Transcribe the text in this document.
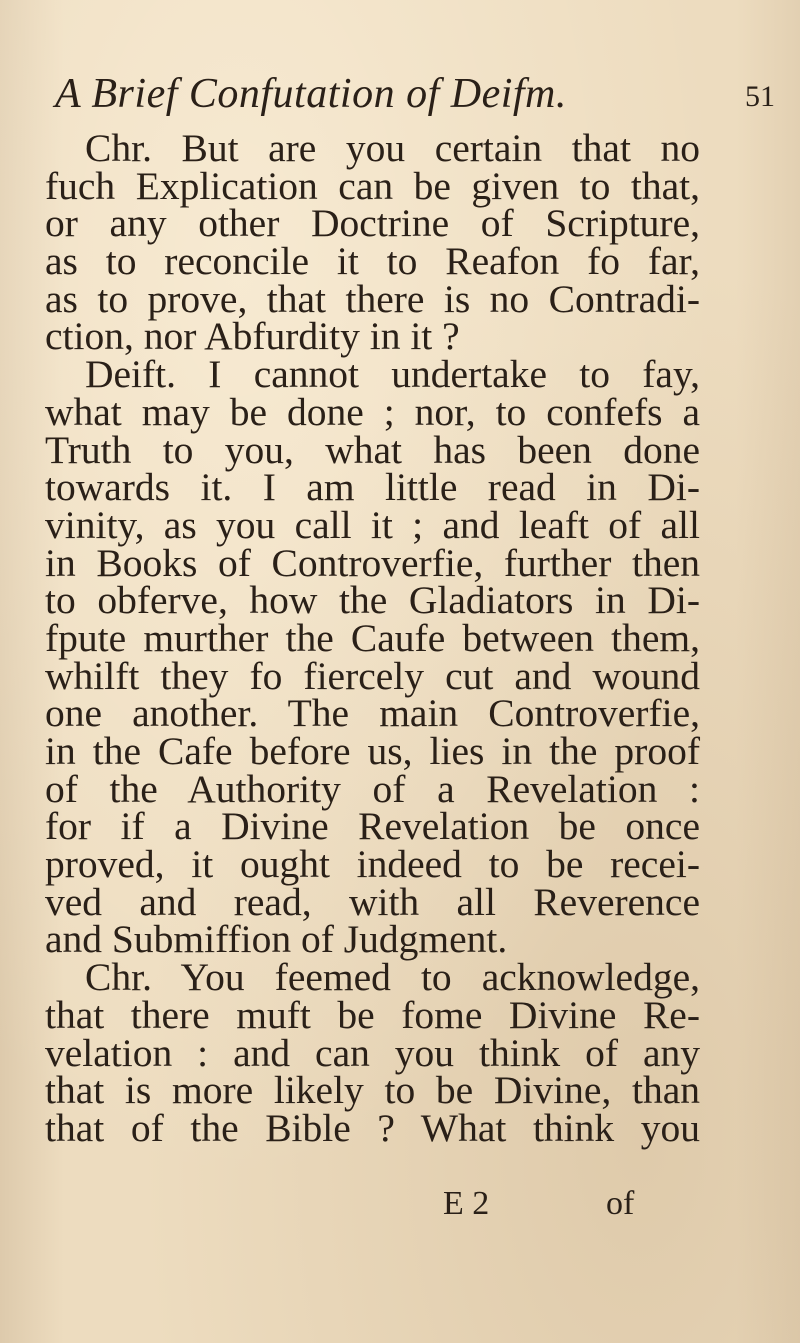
A Brief Confutation of Deifm.	51
Chr. But are you certain that no
fuch Explication can be given to that,
or any other Doctrine of Scripture,
as to reconcile it to Reafon fo far,
as to prove, that there is no Contradi-
ction, nor Abfurdity in it ?
Deift. I cannot undertake to fay,
what may be done ; nor, to confefs a
Truth to you, what has been done
towards it. I am little read in Di-
vinity, as you call it ; and leaft of all
in Books of Controverfie, further then
to obferve, how the Gladiators in Di-
fpute murther the Caufe between them,
whilft they fo fiercely cut and wound
one another. The main Controverfie,
in the Cafe before us, lies in the proof
of the Authority of a Revelation :
for if a Divine Revelation be once
proved, it ought indeed to be recei-
ved and read, with all Reverence
and Submiffion of Judgment.
Chr. You feemed to acknowledge,
that there muft be fome Divine Re-
velation : and can you think of any
that is more likely to be Divine, than
that of the Bible ? What think you
E 2	of
